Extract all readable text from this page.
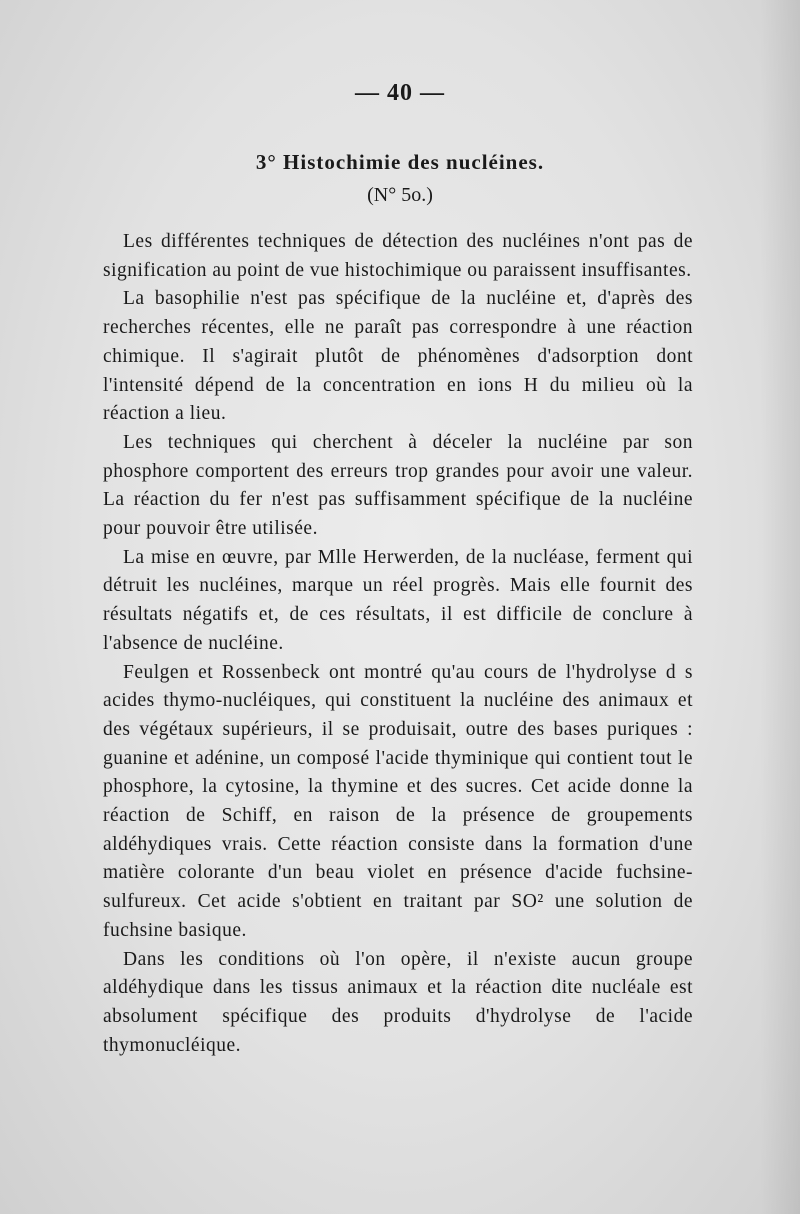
— 40 —
3° Histochimie des nucléines.
(N° 5o.)

Les différentes techniques de détection des nucléines n'ont pas de signification au point de vue histochimique ou paraissent insuffisantes.

La basophilie n'est pas spécifique de la nucléine et, d'après des recherches récentes, elle ne paraît pas correspondre à une réaction chimique. Il s'agirait plutôt de phénomènes d'adsorption dont l'intensité dépend de la concentration en ions H du milieu où la réaction a lieu.

Les techniques qui cherchent à déceler la nucléine par son phosphore comportent des erreurs trop grandes pour avoir une valeur. La réaction du fer n'est pas suffisamment spécifique de la nucléine pour pouvoir être utilisée.

La mise en œuvre, par Mlle Herwerden, de la nucléase, ferment qui détruit les nucléines, marque un réel progrès. Mais elle fournit des résultats négatifs et, de ces résultats, il est difficile de conclure à l'absence de nucléine.

Feulgen et Rossenbeck ont montré qu'au cours de l'hydrolyse d s acides thymo-nucléiques, qui constituent la nucléine des animaux et des végétaux supérieurs, il se produisait, outre des bases puriques : guanine et adénine, un composé l'acide thyminique qui contient tout le phosphore, la cytosine, la thymine et des sucres. Cet acide donne la réaction de Schiff, en raison de la présence de groupements aldéhydiques vrais. Cette réaction consiste dans la formation d'une matière colorante d'un beau violet en présence d'acide fuchsine-sulfureux. Cet acide s'obtient en traitant par SO² une solution de fuchsine basique.

Dans les conditions où l'on opère, il n'existe aucun groupe aldéhydique dans les tissus animaux et la réaction dite nucléale est absolument spécifique des produits d'hydrolyse de l'acide thymonucléique.
